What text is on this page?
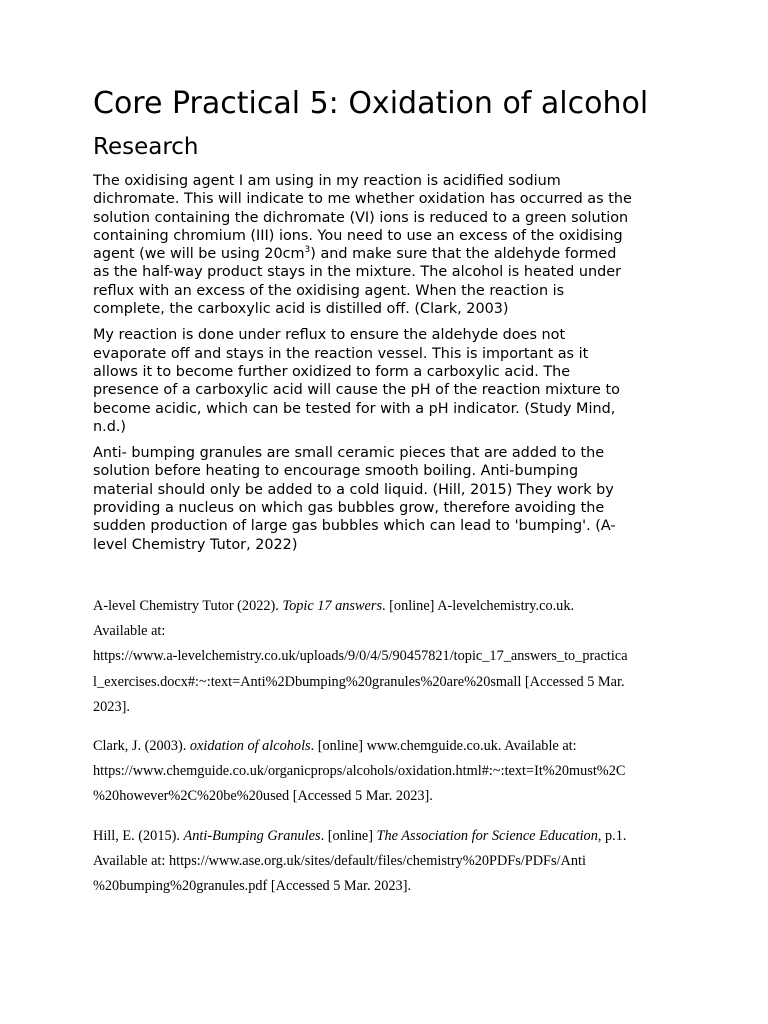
Core Practical 5: Oxidation of alcohol
Research

The oxidising agent I am using in my reaction is acidified sodium
dichromate. This will indicate to me whether oxidation has occurred as the
solution containing the dichromate (VI) ions is reduced to a green solution
containing chromium (III) ions. You need to use an excess of the oxidising
agent (we will be using $20cm^3$) and make sure that the aldehyde formed
as the half-way product stays in the mixture. The alcohol is heated under
reflux with an excess of the oxidising agent. When the reaction is
complete, the carboxylic acid is distilled off. (Clark, 2003)

My reaction is done under reflux to ensure the aldehyde does not
evaporate off and stays in the reaction vessel. This is important as it
allows it to become further oxidized to form a carboxylic acid. The
presence of a carboxylic acid will cause the pH of the reaction mixture to
become acidic, which can be tested for with a pH indicator. (Study Mind,
n.d.)

Anti- bumping granules are small ceramic pieces that are added to the
solution before heating to encourage smooth boiling. Anti-bumping
material should only be added to a cold liquid. (Hill, 2015) They work by
providing a nucleus on which gas bubbles grow, therefore avoiding the
sudden production of large gas bubbles which can lead to 'bumping'. (A-
level Chemistry Tutor, 2022)

A-level Chemistry Tutor (2022). Topic 17 answers. [online] A-levelchemistry.co.uk.
Available at:
https://www.a-levelchemistry.co.uk/uploads/9/0/4/5/90457821/topic_17_answers_to_practica
l_exercises.docx#:~:text=Anti%2Dbumping%20granules%20are%20small [Accessed 5 Mar.
2023].
Clark, J. (2003). oxidation of alcohols. [online] www.chemguide.co.uk. Available at:
https://www.chemguide.co.uk/organicprops/alcohols/oxidation.html#:~:text=It%20must%2C
%20however%2C%20be%20used [Accessed 5 Mar. 2023].
Hill, E. (2015). Anti-Bumping Granules. [online] The Association for Science Education, p.1.
Available at: https://www.ase.org.uk/sites/default/files/chemistry%20PDFs/PDFs/Anti
%20bumping%20granules.pdf [Accessed 5 Mar. 2023].
